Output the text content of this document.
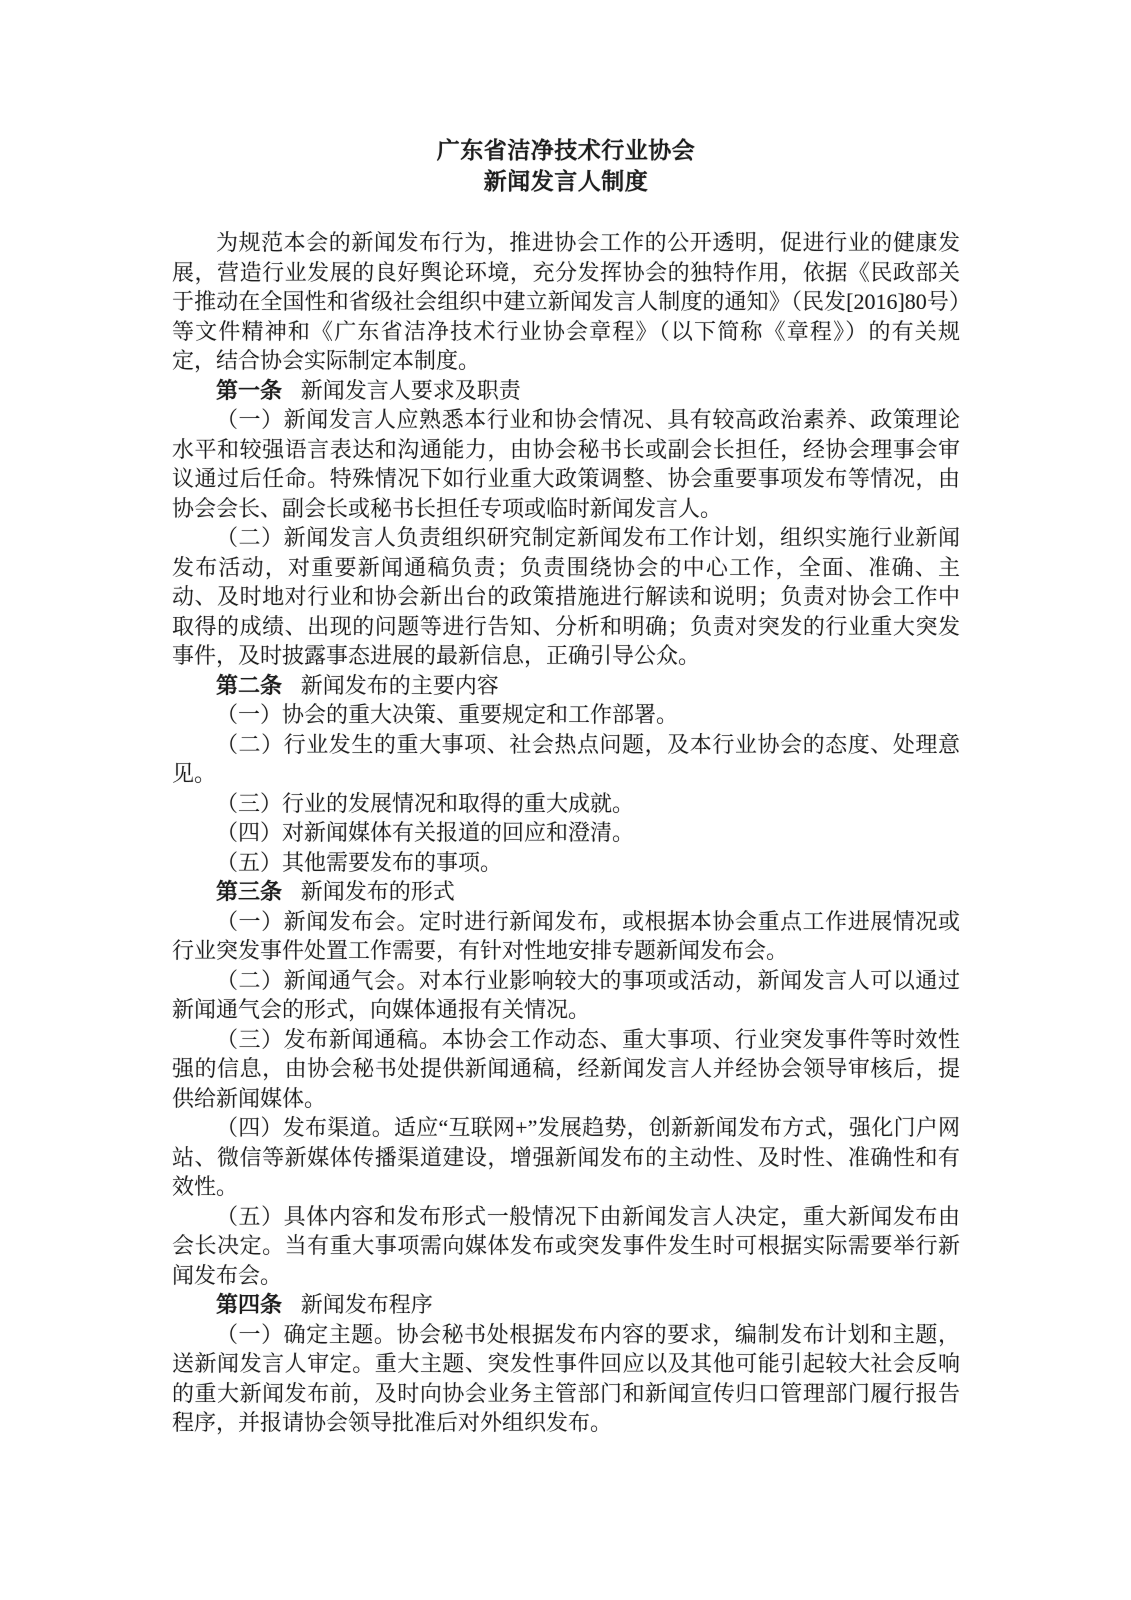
广东省洁净技术行业协会
新闻发言人制度

为规范本会的新闻发布行为，推进协会工作的公开透明，促进行业的健康发展，营造行业发展的良好舆论环境，充分发挥协会的独特作用，依据《民政部关于推动在全国性和省级社会组织中建立新闻发言人制度的通知》（民发[2016]80号）等文件精神和《广东省洁净技术行业协会章程》（以下简称《章程》）的有关规定，结合协会实际制定本制度。

第一条 新闻发言人要求及职责

（一）新闻发言人应熟悉本行业和协会情况、具有较高政治素养、政策理论水平和较强语言表达和沟通能力，由协会秘书长或副会长担任，经协会理事会审议通过后任命。特殊情况下如行业重大政策调整、协会重要事项发布等情况，由协会会长、副会长或秘书长担任专项或临时新闻发言人。

（二）新闻发言人负责组织研究制定新闻发布工作计划，组织实施行业新闻发布活动，对重要新闻通稿负责；负责围绕协会的中心工作，全面、准确、主动、及时地对行业和协会新出台的政策措施进行解读和说明；负责对协会工作中取得的成绩、出现的问题等进行告知、分析和明确；负责对突发的行业重大突发事件，及时披露事态进展的最新信息，正确引导公众。

第二条 新闻发布的主要内容

（一）协会的重大决策、重要规定和工作部署。

（二）行业发生的重大事项、社会热点问题，及本行业协会的态度、处理意见。

（三）行业的发展情况和取得的重大成就。

（四）对新闻媒体有关报道的回应和澄清。

（五）其他需要发布的事项。

第三条 新闻发布的形式

（一）新闻发布会。定时进行新闻发布，或根据本协会重点工作进展情况或行业突发事件处置工作需要，有针对性地安排专题新闻发布会。

（二）新闻通气会。对本行业影响较大的事项或活动，新闻发言人可以通过新闻通气会的形式，向媒体通报有关情况。

（三）发布新闻通稿。本协会工作动态、重大事项、行业突发事件等时效性强的信息，由协会秘书处提供新闻通稿，经新闻发言人并经协会领导审核后，提供给新闻媒体。

（四）发布渠道。适应“互联网+”发展趋势，创新新闻发布方式，强化门户网站、微信等新媒体传播渠道建设，增强新闻发布的主动性、及时性、准确性和有效性。

（五）具体内容和发布形式一般情况下由新闻发言人决定，重大新闻发布由会长决定。当有重大事项需向媒体发布或突发事件发生时可根据实际需要举行新闻发布会。

第四条 新闻发布程序

（一）确定主题。协会秘书处根据发布内容的要求，编制发布计划和主题，送新闻发言人审定。重大主题、突发性事件回应以及其他可能引起较大社会反响的重大新闻发布前，及时向协会业务主管部门和新闻宣传归口管理部门履行报告程序，并报请协会领导批准后对外组织发布。
